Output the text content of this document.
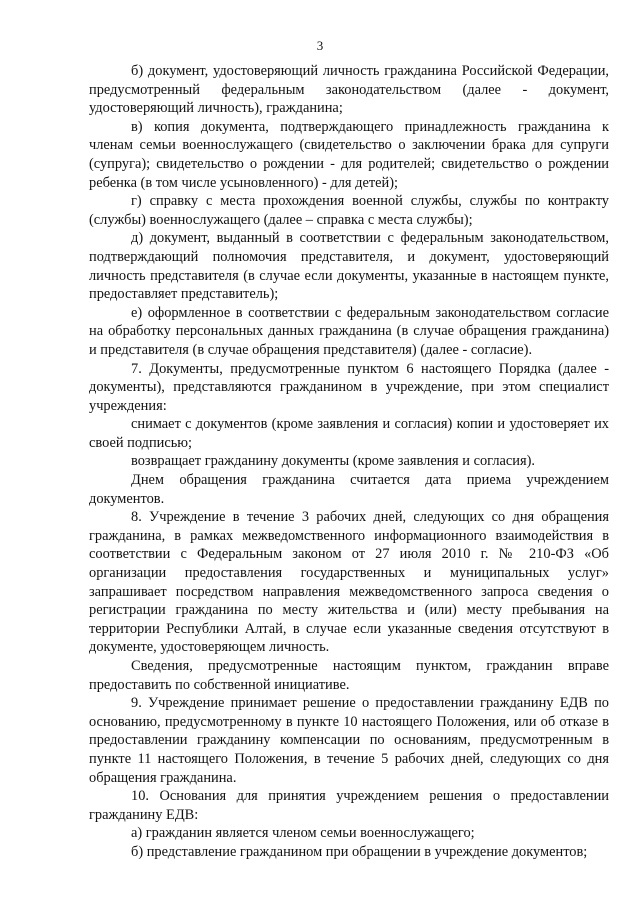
3

б) документ, удостоверяющий личность гражданина Российской Федерации, предусмотренный федеральным законодательством (далее - документ, удостоверяющий личность), гражданина;

в) копия документа, подтверждающего принадлежность гражданина к членам семьи военнослужащего (свидетельство о заключении брака для супруги (супруга); свидетельство о рождении - для родителей; свидетельство о рождении ребенка (в том числе усыновленного) - для детей);

г) справку с места прохождения военной службы, службы по контракту (службы) военнослужащего (далее – справка с места службы);

д) документ, выданный в соответствии с федеральным законодательством, подтверждающий полномочия представителя, и документ, удостоверяющий личность представителя (в случае если документы, указанные в настоящем пункте, предоставляет представитель);

е) оформленное в соответствии с федеральным законодательством согласие на обработку персональных данных гражданина (в случае обращения гражданина) и представителя (в случае обращения представителя) (далее - согласие).

7. Документы, предусмотренные пунктом 6 настоящего Порядка (далее - документы), представляются гражданином в учреждение, при этом специалист учреждения:

снимает с документов (кроме заявления и согласия) копии и удостоверяет их своей подписью;

возвращает гражданину документы (кроме заявления и согласия).

Днем обращения гражданина считается дата приема учреждением документов.

8. Учреждение в течение 3 рабочих дней, следующих со дня обращения гражданина, в рамках межведомственного информационного взаимодействия в соответствии с Федеральным законом от 27 июля 2010 г. № 210-ФЗ «Об организации предоставления государственных и муниципальных услуг» запрашивает посредством направления межведомственного запроса сведения о регистрации гражданина по месту жительства и (или) месту пребывания на территории Республики Алтай, в случае если указанные сведения отсутствуют в документе, удостоверяющем личность.

Сведения, предусмотренные настоящим пунктом, гражданин вправе предоставить по собственной инициативе.

9. Учреждение принимает решение о предоставлении гражданину ЕДВ по основанию, предусмотренному в пункте 10 настоящего Положения, или об отказе в предоставлении гражданину компенсации по основаниям, предусмотренным в пункте 11 настоящего Положения, в течение 5 рабочих дней, следующих со дня обращения гражданина.

10. Основания для принятия учреждением решения о предоставлении гражданину ЕДВ:

а) гражданин является членом семьи военнослужащего;

б) представление гражданином при обращении в учреждение документов;
